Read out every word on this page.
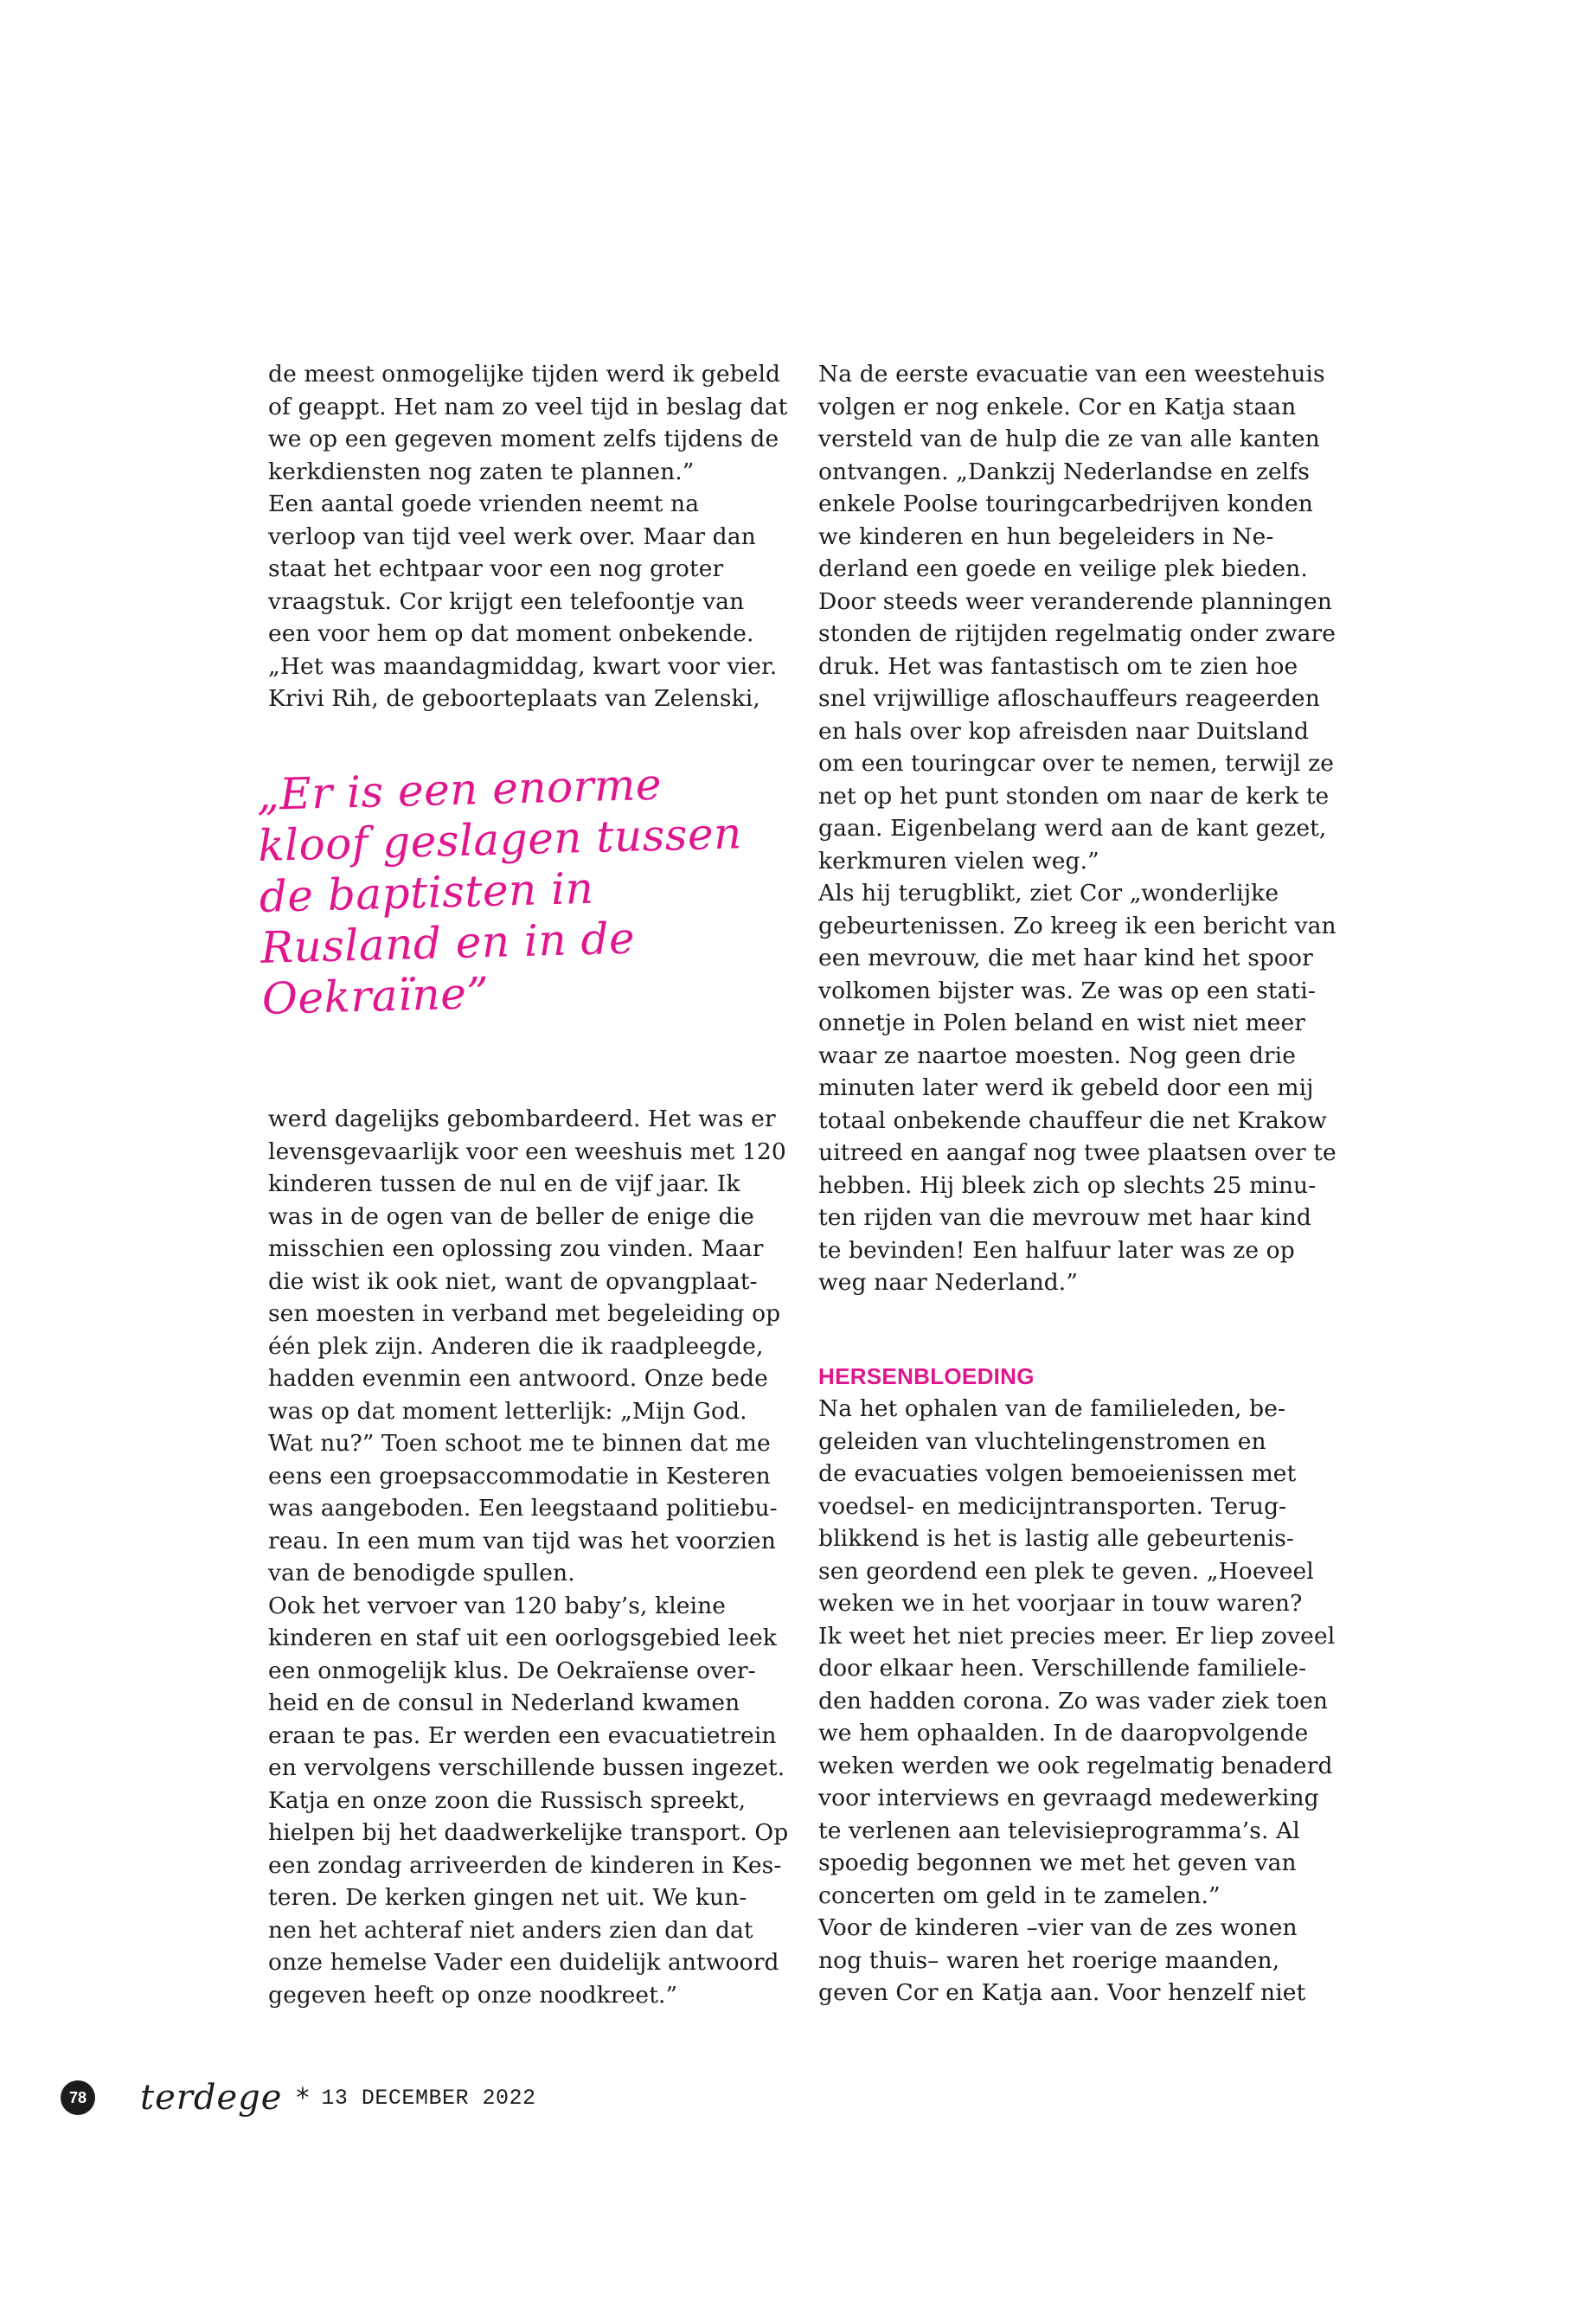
de meest onmogelijke tijden werd ik gebeld
of geappt. Het nam zo veel tijd in beslag dat
we op een gegeven moment zelfs tijdens de
kerkdiensten nog zaten te plannen.”
Een aantal goede vrienden neemt na
verloop van tijd veel werk over. Maar dan
staat het echtpaar voor een nog groter
vraagstuk. Cor krijgt een telefoontje van
een voor hem op dat moment onbekende.
„Het was maandagmiddag, kwart voor vier.
Krivi Rih, de geboorteplaats van Zelenski,
„Er is een enorme
kloof geslagen tussen
de baptisten in
Rusland en in de
Oekraïne”
werd dagelijks gebombardeerd. Het was er
levensgevaarlijk voor een weeshuis met 120
kinderen tussen de nul en de vijf jaar. Ik
was in de ogen van de beller de enige die
misschien een oplossing zou vinden. Maar
die wist ik ook niet, want de opvangplaat-
sen moesten in verband met begeleiding op
één plek zijn. Anderen die ik raadpleegde,
hadden evenmin een antwoord. Onze bede
was op dat moment letterlijk: „Mijn God.
Wat nu?” Toen schoot me te binnen dat me
eens een groepsaccommodatie in Kesteren
was aangeboden. Een leegstaand politiebu-
reau. In een mum van tijd was het voorzien
van de benodigde spullen.
Ook het vervoer van 120 baby’s, kleine
kinderen en staf uit een oorlogsgebied leek
een onmogelijk klus. De Oekraïense over-
heid en de consul in Nederland kwamen
eraan te pas. Er werden een evacuatietrein
en vervolgens verschillende bussen ingezet.
Katja en onze zoon die Russisch spreekt,
hielpen bij het daadwerkelijke transport. Op
een zondag arriveerden de kinderen in Kes-
teren. De kerken gingen net uit. We kun-
nen het achteraf niet anders zien dan dat
onze hemelse Vader een duidelijk antwoord
gegeven heeft op onze noodkreet.”
Na de eerste evacuatie van een weestehuis
volgen er nog enkele. Cor en Katja staan
versteld van de hulp die ze van alle kanten
ontvangen. „Dankzij Nederlandse en zelfs
enkele Poolse touringcarbedrijven konden
we kinderen en hun begeleiders in Ne-
derland een goede en veilige plek bieden.
Door steeds weer veranderende planningen
stonden de rijtijden regelmatig onder zware
druk. Het was fantastisch om te zien hoe
snel vrijwillige afloschauffeurs reageerden
en hals over kop afreisden naar Duitsland
om een touringcar over te nemen, terwijl ze
net op het punt stonden om naar de kerk te
gaan. Eigenbelang werd aan de kant gezet,
kerkmuren vielen weg.”
Als hij terugblikt, ziet Cor „wonderlijke
gebeurtenissen. Zo kreeg ik een bericht van
een mevrouw, die met haar kind het spoor
volkomen bijster was. Ze was op een stati-
onnetje in Polen beland en wist niet meer
waar ze naartoe moesten. Nog geen drie
minuten later werd ik gebeld door een mij
totaal onbekende chauffeur die net Krakow
uitreed en aangaf nog twee plaatsen over te
hebben. Hij bleek zich op slechts 25 minu-
ten rijden van die mevrouw met haar kind
te bevinden! Een halfuur later was ze op
weg naar Nederland.”
HERSENBLOEDING
Na het ophalen van de familieleden, be-
geleiden van vluchtelingenstromen en
de evacuaties volgen bemoeienissen met
voedsel- en medicijntransporten. Terug-
blikkend is het is lastig alle gebeurtenis-
sen geordend een plek te geven. „Hoeveel
weken we in het voorjaar in touw waren?
Ik weet het niet precies meer. Er liep zoveel
door elkaar heen. Verschillende familiele-
den hadden corona. Zo was vader ziek toen
we hem ophaalden. In de daaropvolgende
weken werden we ook regelmatig benaderd
voor interviews en gevraagd medewerking
te verlenen aan televisieprogramma’s. Al
spoedig begonnen we met het geven van
concerten om geld in te zamelen.”
Voor de kinderen –vier van de zes wonen
nog thuis– waren het roerige maanden,
geven Cor en Katja aan. Voor henzelf niet
78 terdege * 13 DECEMBER 2022
